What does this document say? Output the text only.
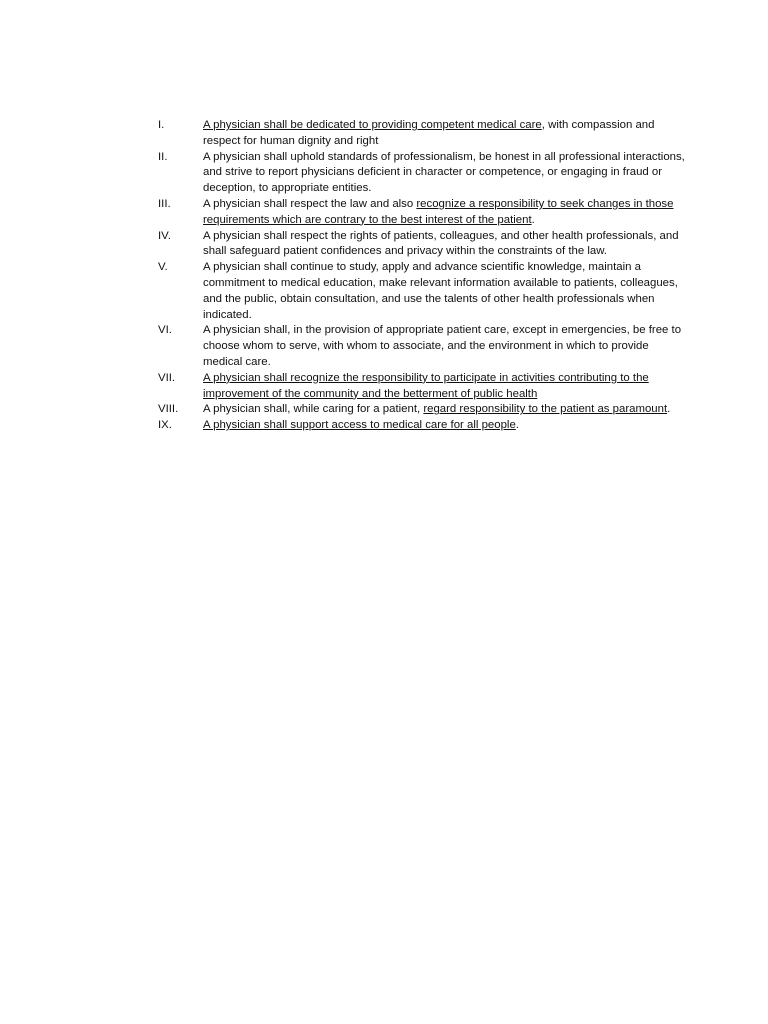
I.	A physician shall be dedicated to providing competent medical care, with compassion and respect for human dignity and right
II.	A physician shall uphold standards of professionalism, be honest in all professional interactions, and strive to report physicians deficient in character or competence, or engaging in fraud or deception, to appropriate entities.
III.	A physician shall respect the law and also recognize a responsibility to seek changes in those requirements which are contrary to the best interest of the patient.
IV.	A physician shall respect the rights of patients, colleagues, and other health professionals, and shall safeguard patient confidences and privacy within the constraints of the law.
V.	A physician shall continue to study, apply and advance scientific knowledge, maintain a commitment to medical education, make relevant information available to patients, colleagues, and the public, obtain consultation, and use the talents of other health professionals when indicated.
VI.	A physician shall, in the provision of appropriate patient care, except in emergencies, be free to choose whom to serve, with whom to associate, and the environment in which to provide medical care.
VII.	A physician shall recognize the responsibility to participate in activities contributing to the improvement of the community and the betterment of public health
VIII.	A physician shall, while caring for a patient, regard responsibility to the patient as paramount.
IX.	A physician shall support access to medical care for all people.
